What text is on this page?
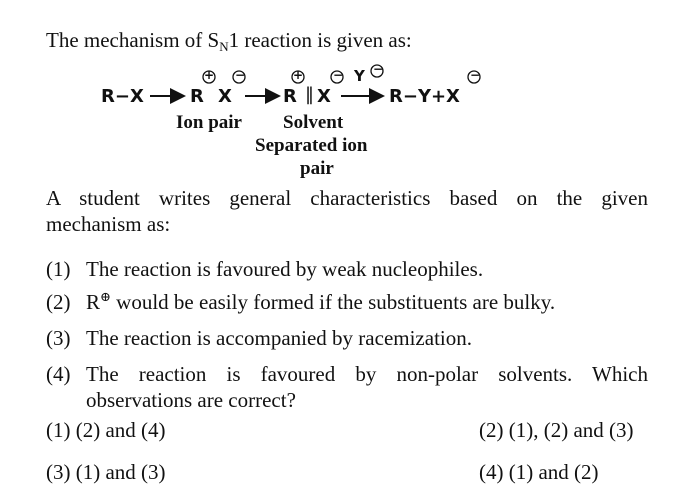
The mechanism of $S_N1$ reaction is given as:
R−X	R X	R ‖ X
Y
R−Y+X
+ −	+ − −	−
Ion pair Solvent
Separated ion
pair
A student writes general characteristics based on the given
mechanism as:
(1) The reaction is favoured by weak nucleophiles.
(2) R⊕ would be easily formed if the substituents are bulky.
(3) The reaction is accompanied by racemization.
(4) The reaction is favoured by non-polar solvents. Which
observations are correct?
(1) (2) and (4)	(2) (1), (2) and (3)
(3) (1) and (3)	(4) (1) and (2)
